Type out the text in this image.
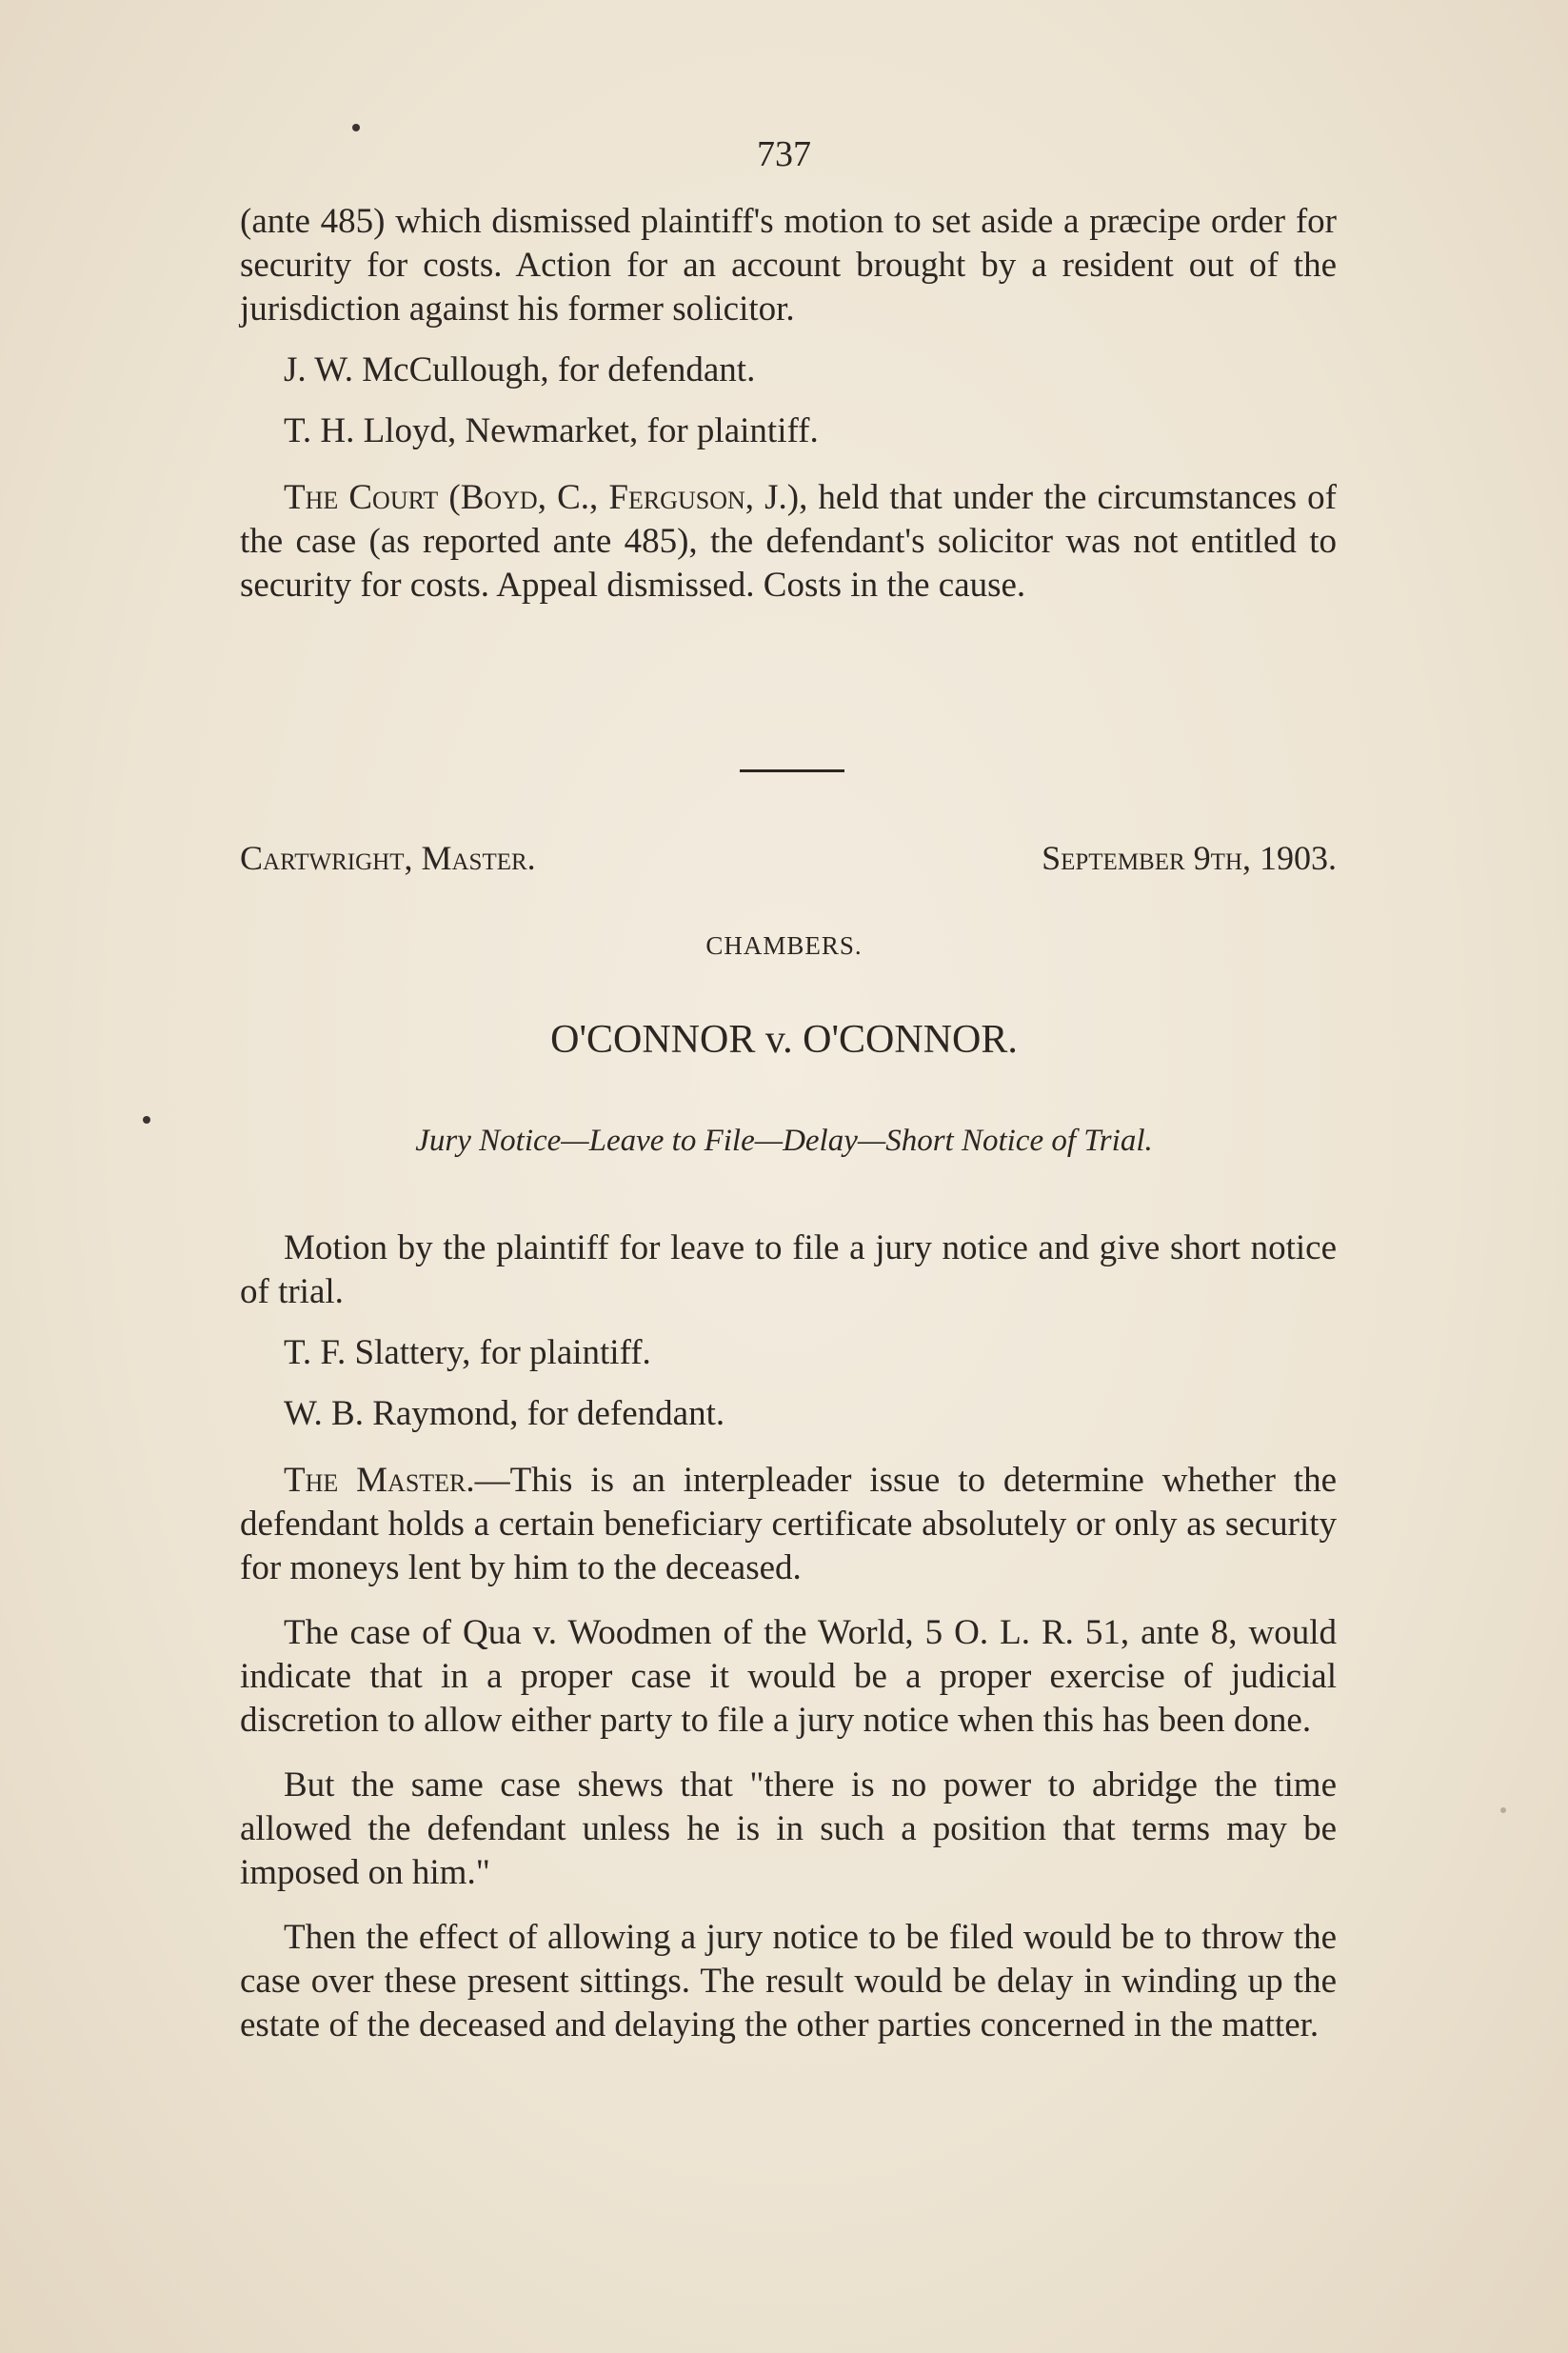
737

(ante 485) which dismissed plaintiff's motion to set aside a præcipe order for security for costs. Action for an account brought by a resident out of the jurisdiction against his former solicitor.

J. W. McCullough, for defendant.

T. H. Lloyd, Newmarket, for plaintiff.

The Court (Boyd, C., Ferguson, J.), held that under the circumstances of the case (as reported ante 485), the defendant's solicitor was not entitled to security for costs. Appeal dismissed. Costs in the cause.

Cartwright, Master.	September 9th, 1903.
CHAMBERS.
O'CONNOR v. O'CONNOR.
Jury Notice—Leave to File—Delay—Short Notice of Trial.

Motion by the plaintiff for leave to file a jury notice and give short notice of trial.

T. F. Slattery, for plaintiff.

W. B. Raymond, for defendant.

The Master.—This is an interpleader issue to determine whether the defendant holds a certain beneficiary certificate absolutely or only as security for moneys lent by him to the deceased.

The case of Qua v. Woodmen of the World, 5 O. L. R. 51, ante 8, would indicate that in a proper case it would be a proper exercise of judicial discretion to allow either party to file a jury notice when this has been done.

But the same case shews that "there is no power to abridge the time allowed the defendant unless he is in such a position that terms may be imposed on him."

Then the effect of allowing a jury notice to be filed would be to throw the case over these present sittings. The result would be delay in winding up the estate of the deceased and delaying the other parties concerned in the matter.
